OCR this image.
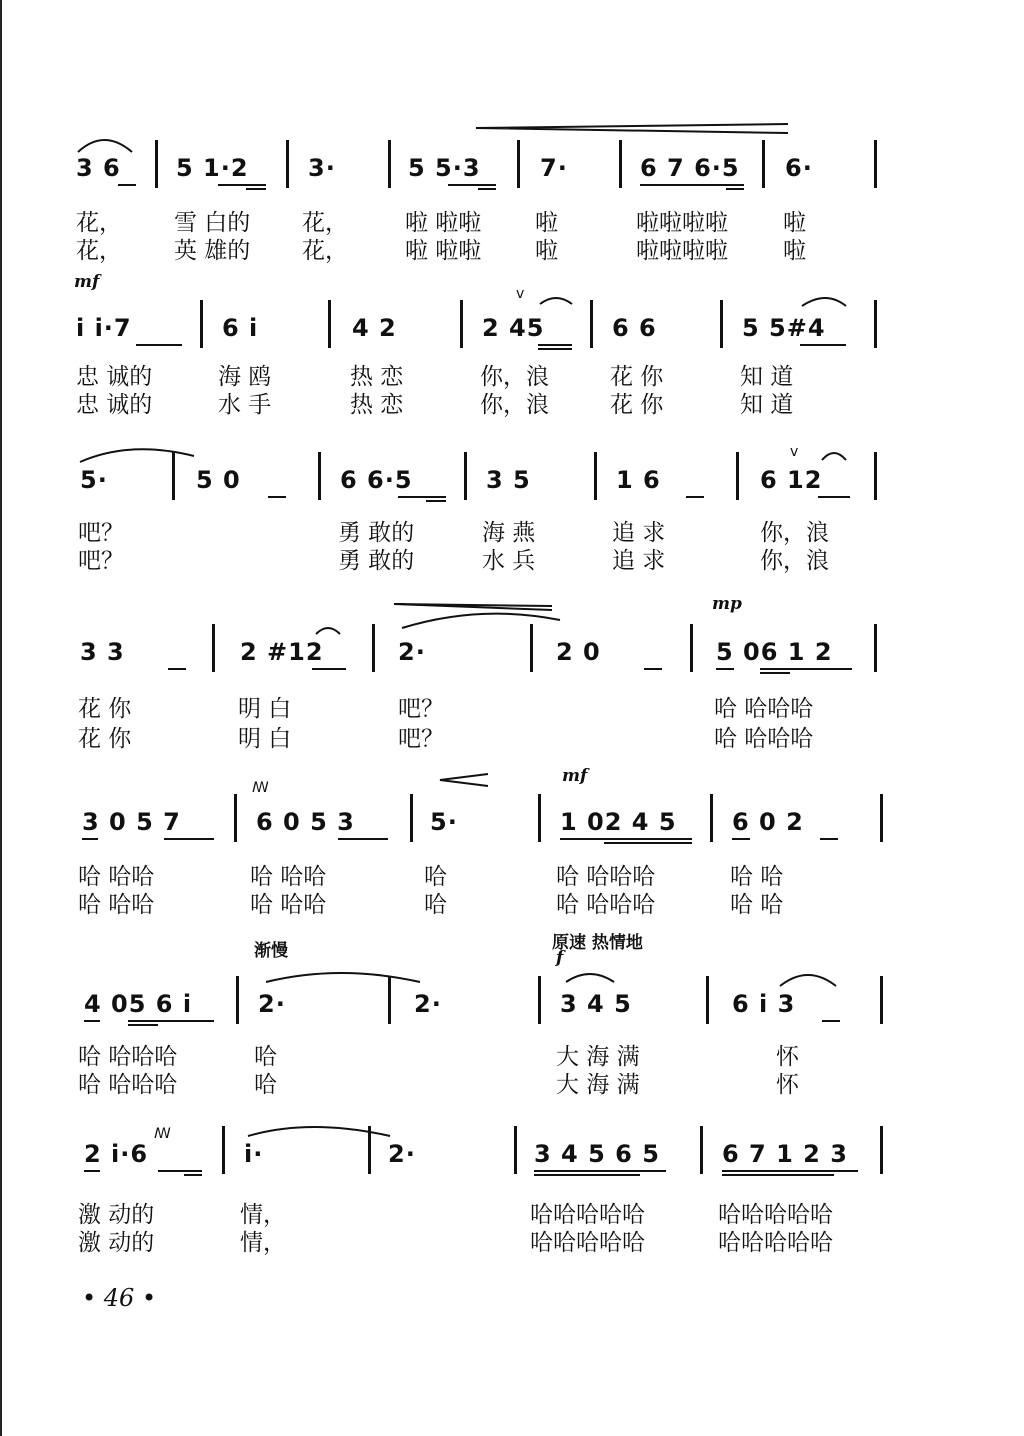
3 6 5 1·2 3·	5 5·3 7·	6 7 6·5 6·
花， 雪 白的 花， 啦 啦啦 啦	啦啦啦啦 啦
花， 英 雄的 花， 啦 啦啦 啦	啦啦啦啦 啦
mf
i i·7	6 i	4 2	2 45	6 6	5 5#4
忠 诚的	海 鸥	热 恋	你，浪	花 你	知 道
忠 诚的	水 手	热 恋	你，浪	花 你	知 道
5·	5 0	6 6·5	3 5	1 6	6 12
吧？	勇 敢的	海 燕	追 求	你，浪
吧？	勇 敢的	水 兵	追 求	你，浪
mp
3 3	2 #12	2·	2 0	5 06 1 2
花 你	明 白	吧？	哈 哈哈哈
花 你	明 白	吧？	哈 哈哈哈
mf
3 0 5 7	6 0 5 3	5·	1 02 4 5 6 0 2
哈 哈哈	哈 哈哈	哈	哈 哈哈哈	哈 哈
哈 哈哈	哈 哈哈	哈	哈 哈哈哈	哈 哈
渐慢	原速 热情地
f
4 05 6 i	2·	2·	3 4 5	6 i 3
哈 哈哈哈	哈	大 海 满	怀
哈 哈哈哈	哈	大 海 满	怀
2 i·6	i·	2·	3 4 5 6 5	6 7 1 2 3
激 动的	情，	哈哈哈哈哈	哈哈哈哈哈
激 动的	情，	哈哈哈哈哈	哈哈哈哈哈
v
v
ꟿ
ꟿ
• 46 •
